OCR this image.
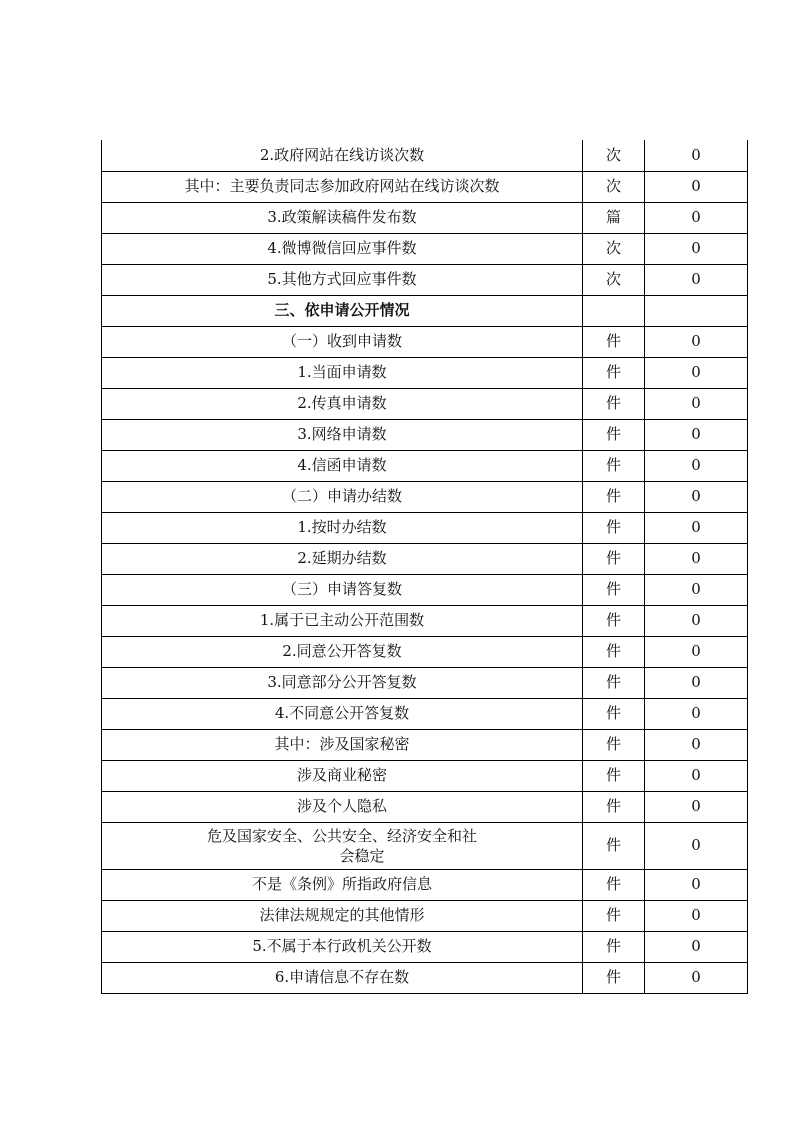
2.政府网站在线访谈次数	次	0
其中：主要负责同志参加政府网站在线访谈次数	次	0
3.政策解读稿件发布数	篇	0
4.微博微信回应事件数	次	0
5.其他方式回应事件数	次	0
三、依申请公开情况		
（一）收到申请数	件	0
1.当面申请数	件	0
2.传真申请数	件	0
3.网络申请数	件	0
4.信函申请数	件	0
（二）申请办结数	件	0
1.按时办结数	件	0
2.延期办结数	件	0
（三）申请答复数	件	0
1.属于已主动公开范围数	件	0
2.同意公开答复数	件	0
3.同意部分公开答复数	件	0
4.不同意公开答复数	件	0
其中：涉及国家秘密	件	0
涉及商业秘密	件	0
涉及个人隐私	件	0

危及国家安全、公共安全、经济安全和社
会稳定	件	0
不是《条例》所指政府信息	件	0
法律法规规定的其他情形	件	0
5.不属于本行政机关公开数	件	0
6.申请信息不存在数	件	0
